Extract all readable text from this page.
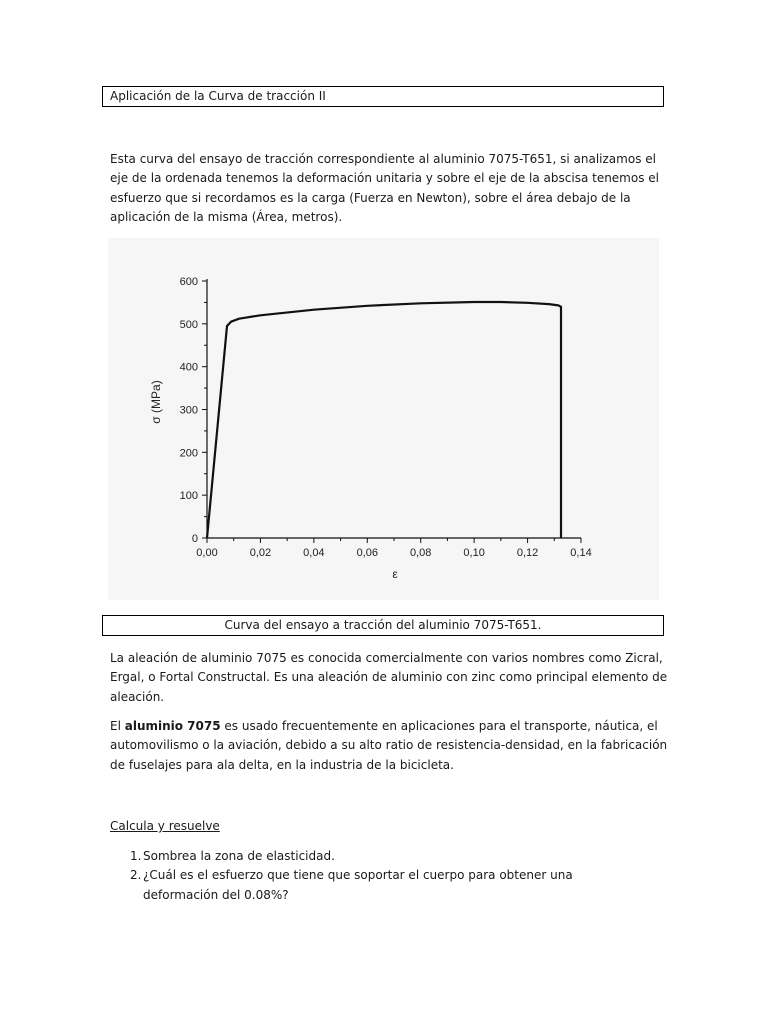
Aplicación de la Curva de tracción II

Esta curva del ensayo de tracción correspondiente al aluminio 7075-T651, si analizamos el eje de la ordenada tenemos la deformación unitaria y sobre el eje de la abscisa tenemos el esfuerzo que si recordamos es la carga (Fuerza en Newton), sobre el área debajo de la aplicación de la misma (Área, metros).

0
100
200
300
400
500
600
0,00	0,02	0,04	0,06	0,08	0,10	0,12	0,14
σ (MPa)
ε
Curva del ensayo a tracción del aluminio 7075-T651.

La aleación de aluminio 7075 es conocida comercialmente con varios nombres como Zicral, Ergal, o Fortal Constructal. Es una aleación de aluminio con zinc como principal elemento de aleación.

El aluminio 7075 es usado frecuentemente en aplicaciones para el transporte, náutica, el automovilismo o la aviación, debido a su alto ratio de resistencia-densidad, en la fabricación de fuselajes para ala delta, en la industria de la bicicleta.

Calcula y resuelve
1. Sombrea la zona de elasticidad.
2. ¿Cuál es el esfuerzo que tiene que soportar el cuerpo para obtener una deformación del 0.08%?
